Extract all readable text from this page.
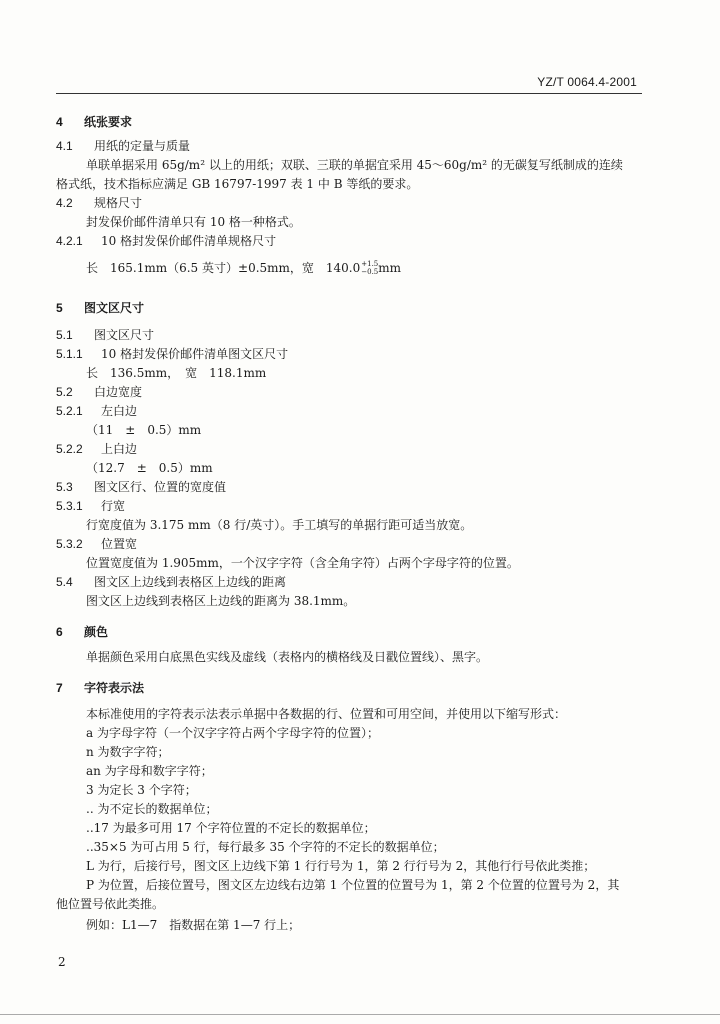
YZ/T 0064.4-2001
4 纸张要求
4.1 用纸的定量与质量
单联单据采用 65g/m² 以上的用纸；双联、三联的单据宜采用 45～60g/m² 的无碳复写纸制成的连续
格式纸，技术指标应满足 GB 16797-1997 表 1 中 B 等纸的要求。
4.2 规格尺寸
封发保价邮件清单只有 10 格一种格式。
4.2.1 10 格封发保价邮件清单规格尺寸
长　165.1mm（6.5 英寸）±0.5mm，宽　140.0 +1.5
−0.5 mm
5 图文区尺寸
5.1 图文区尺寸
5.1.1 10 格封发保价邮件清单图文区尺寸
长　136.5mm，　宽　118.1mm
5.2 白边宽度
5.2.1 左白边
（11　±　0.5）mm
5.2.2 上白边
（12.7　±　0.5）mm
5.3 图文区行、位置的宽度值
5.3.1 行宽
行宽度值为 3.175 mm（8 行/英寸）。手工填写的单据行距可适当放宽。
5.3.2 位置宽
位置宽度值为 1.905mm，一个汉字字符（含全角字符）占两个字母字符的位置。
5.4 图文区上边线到表格区上边线的距离
图文区上边线到表格区上边线的距离为 38.1mm。
6 颜色
单据颜色采用白底黑色实线及虚线（表格内的横格线及日戳位置线）、黑字。
7 字符表示法
本标准使用的字符表示法表示单据中各数据的行、位置和可用空间，并使用以下缩写形式：
a 为字母字符（一个汉字字符占两个字母字符的位置）；
n 为数字字符；
an 为字母和数字字符；
3 为定长 3 个字符；
.. 为不定长的数据单位；
..17 为最多可用 17 个字符位置的不定长的数据单位；
..35×5 为可占用 5 行，每行最多 35 个字符的不定长的数据单位；
L 为行，后接行号，图文区上边线下第 1 行行号为 1，第 2 行行号为 2，其他行行号依此类推；
P 为位置，后接位置号，图文区左边线右边第 1 个位置的位置号为 1，第 2 个位置的位置号为 2，其
他位置号依此类推。
例如：L1—7　指数据在第 1—7 行上；
2
